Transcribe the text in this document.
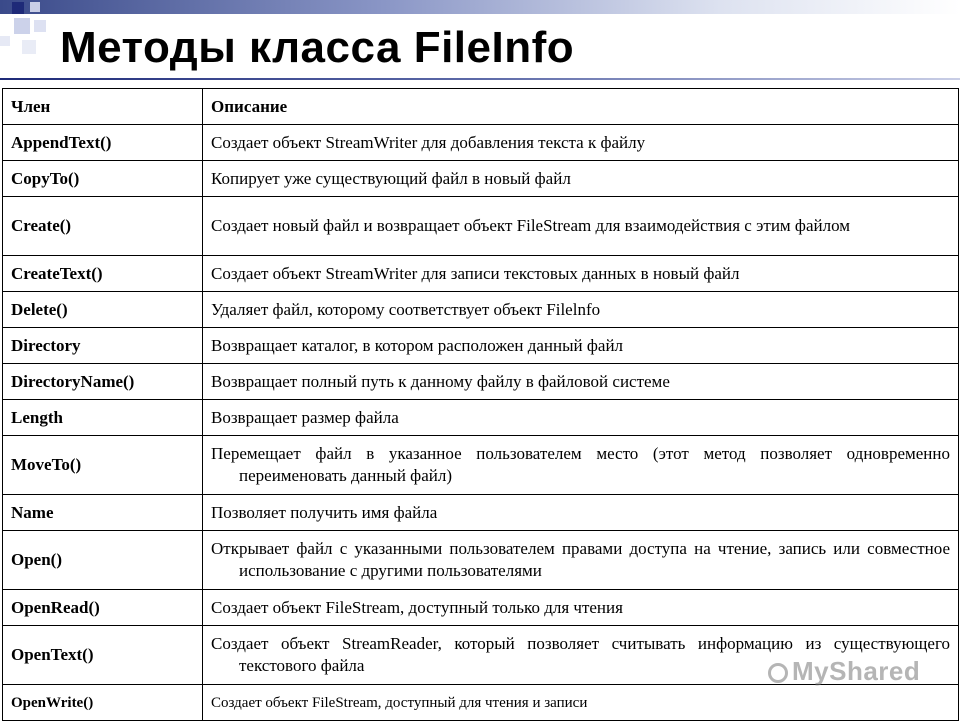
Методы класса FileInfo
Член	Описание
AppendText()	Создает объект StreamWriter для добавления текста к файлу
CopyTo()	Копирует уже существующий файл в новый файл
Create()	Создает новый файл и возвращает объект FileStream для взаимодействия с этим файлом

CreateText()	Создает объект StreamWriter для записи текстовых данных в новый файл
Delete()	Удаляет файл, которому соответствует объект Filelnfo
Directory	Возвращает каталог, в котором расположен данный файл
DirectoryName()	Возвращает полный путь к данному файлу в файловой системе
Length	Возвращает размер файла
MoveTo()	Перемещает файл в указанное пользователем место (этот метод позволяет одновременно переименовать данный файл)

Name	Позволяет получить имя файла
Open()	Открывает файл с указанными пользователем правами доступа на чтение, запись или совместное использование с другими пользователями

OpenRead()	Создает объект FileStream, доступный только для чтения
OpenText()	Создает объект StreamReader, который позволяет считывать информацию из существующего текстового файла

OpenWrite()	Создает объект FileStream, доступный для чтения и записи
MyShared
